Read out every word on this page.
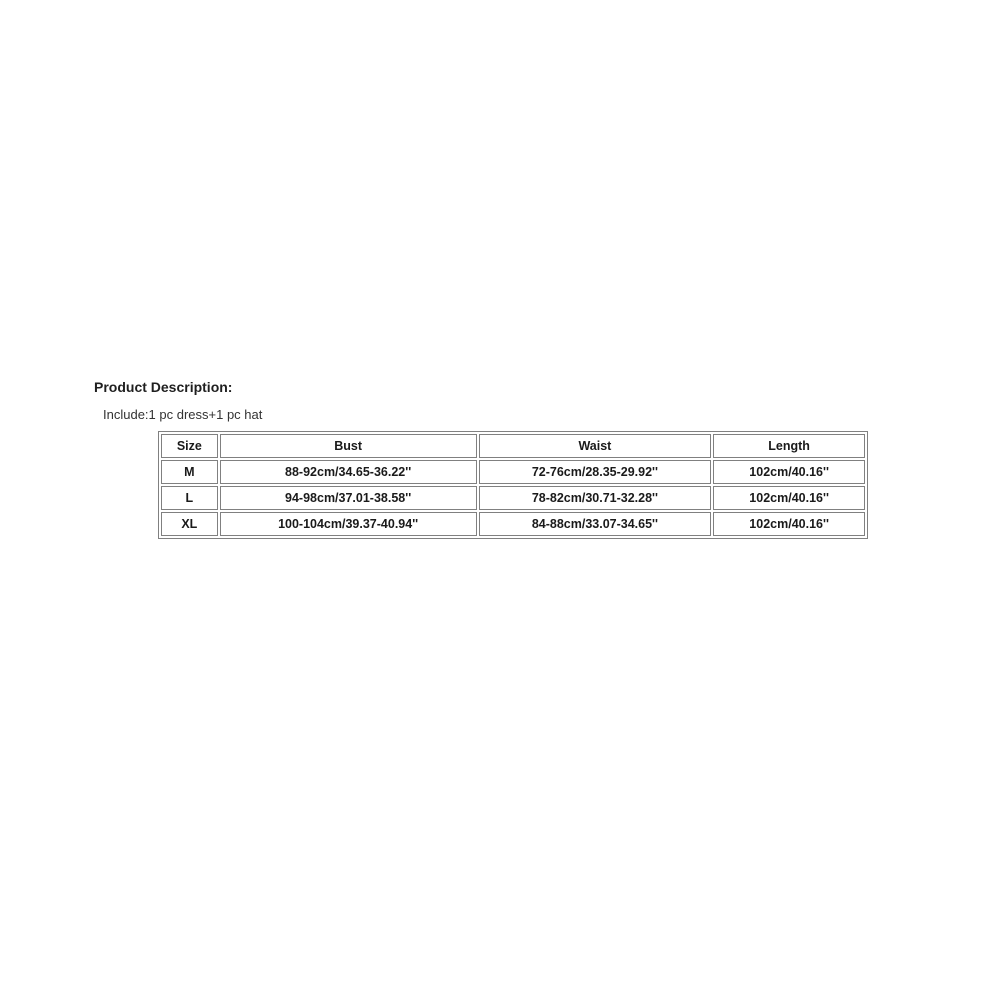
Product Description:

Include:1 pc dress+1 pc hat

Size	Bust	Waist	Length
M	88-92cm/34.65-36.22''	72-76cm/28.35-29.92''	102cm/40.16''
L	94-98cm/37.01-38.58''	78-82cm/30.71-32.28''	102cm/40.16''
XL	100-104cm/39.37-40.94''	84-88cm/33.07-34.65''	102cm/40.16''
